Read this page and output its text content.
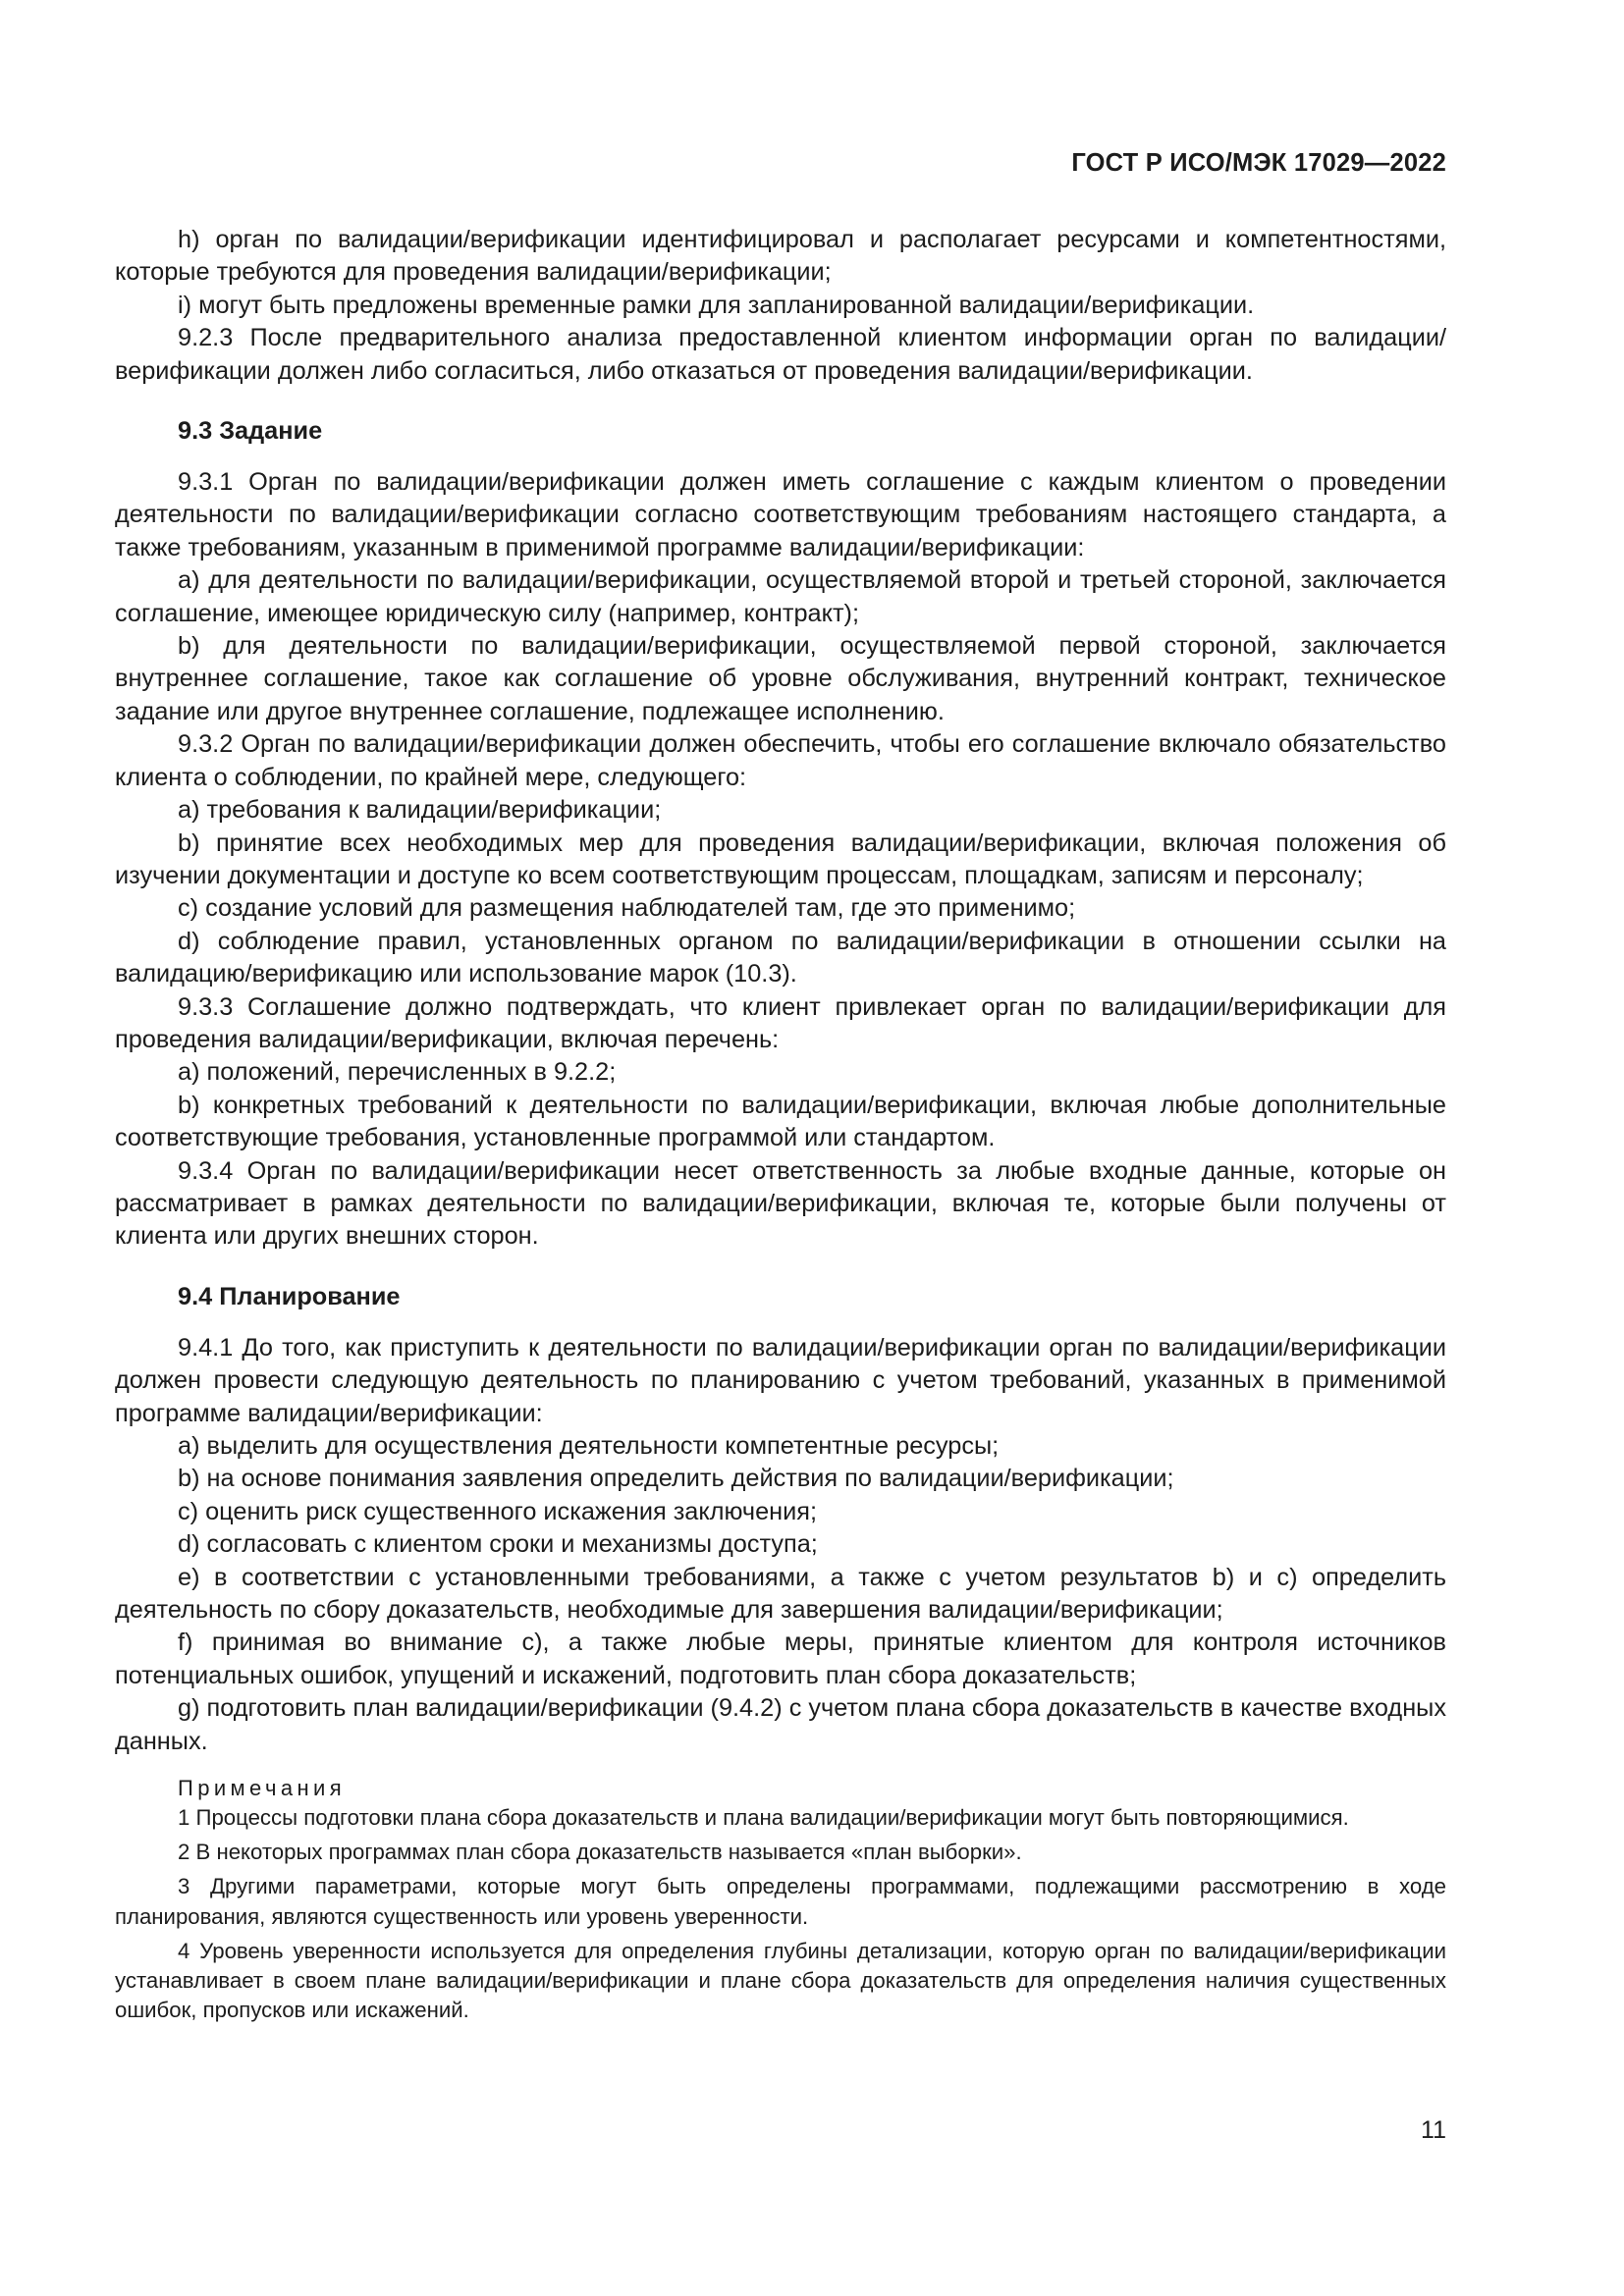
ГОСТ Р ИСО/МЭК 17029—2022

h) орган по валидации/верификации идентифицировал и располагает ресурсами и компетентностями, которые требуются для проведения валидации/верификации;

i) могут быть предложены временные рамки для запланированной валидации/верификации.

9.2.3 После предварительного анализа предоставленной клиентом информации орган по валидации/верификации должен либо согласиться, либо отказаться от проведения валидации/верификации.

9.3 Задание

9.3.1 Орган по валидации/верификации должен иметь соглашение с каждым клиентом о проведении деятельности по валидации/верификации согласно соответствующим требованиям настоящего стандарта, а также требованиям, указанным в применимой программе валидации/верификации:

a) для деятельности по валидации/верификации, осуществляемой второй и третьей стороной, заключается соглашение, имеющее юридическую силу (например, контракт);

b) для деятельности по валидации/верификации, осуществляемой первой стороной, заключается внутреннее соглашение, такое как соглашение об уровне обслуживания, внутренний контракт, техническое задание или другое внутреннее соглашение, подлежащее исполнению.

9.3.2 Орган по валидации/верификации должен обеспечить, чтобы его соглашение включало обязательство клиента о соблюдении, по крайней мере, следующего:

a) требования к валидации/верификации;

b) принятие всех необходимых мер для проведения валидации/верификации, включая положения об изучении документации и доступе ко всем соответствующим процессам, площадкам, записям и персоналу;

c) создание условий для размещения наблюдателей там, где это применимо;

d) соблюдение правил, установленных органом по валидации/верификации в отношении ссылки на валидацию/верификацию или использование марок (10.3).

9.3.3 Соглашение должно подтверждать, что клиент привлекает орган по валидации/верификации для проведения валидации/верификации, включая перечень:

a) положений, перечисленных в 9.2.2;

b) конкретных требований к деятельности по валидации/верификации, включая любые дополнительные соответствующие требования, установленные программой или стандартом.

9.3.4 Орган по валидации/верификации несет ответственность за любые входные данные, которые он рассматривает в рамках деятельности по валидации/верификации, включая те, которые были получены от клиента или других внешних сторон.

9.4 Планирование

9.4.1 До того, как приступить к деятельности по валидации/верификации орган по валидации/верификации должен провести следующую деятельность по планированию с учетом требований, указанных в применимой программе валидации/верификации:

a) выделить для осуществления деятельности компетентные ресурсы;

b) на основе понимания заявления определить действия по валидации/верификации;

c) оценить риск существенного искажения заключения;

d) согласовать с клиентом сроки и механизмы доступа;

e) в соответствии с установленными требованиями, а также с учетом результатов b) и c) определить деятельность по сбору доказательств, необходимые для завершения валидации/верификации;

f) принимая во внимание c), а также любые меры, принятые клиентом для контроля источников потенциальных ошибок, упущений и искажений, подготовить план сбора доказательств;

g) подготовить план валидации/верификации (9.4.2) с учетом плана сбора доказательств в качестве входных данных.

Примечания

1 Процессы подготовки плана сбора доказательств и плана валидации/верификации могут быть повторяющимися.

2 В некоторых программах план сбора доказательств называется «план выборки».

3 Другими параметрами, которые могут быть определены программами, подлежащими рассмотрению в ходе планирования, являются существенность или уровень уверенности.

4 Уровень уверенности используется для определения глубины детализации, которую орган по валидации/верификации устанавливает в своем плане валидации/верификации и плане сбора доказательств для определения наличия существенных ошибок, пропусков или искажений.

11
